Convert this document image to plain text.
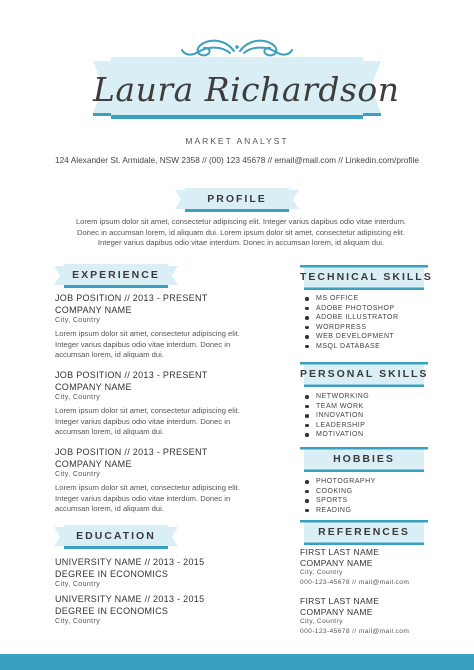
Laura Richardson
MARKET ANALYST
124 Alexander St. Armidale, NSW 2358 // (00) 123 45678 // email@mail.com // Linkedin.com/profile
PROFILE
Lorem ipsum dolor sit amet, consectetur adipiscing elit. Integer varius dapibus odio vitae interdum.
Donec in accumsan lorem, id aliquam dui. Lorem ipsum dolor sit amet, consectetur adipiscing elit.
Integer varius dapibus odio vitae interdum. Donec in accumsan lorem, id aliquam dui.
EXPERIENCE
JOB POSITION // 2013 - PRESENT
COMPANY NAME
City, Country
Lorem ipsum dolor sit amet, consectetur adipiscing elit.
Integer varius dapibus odio vitae interdum. Donec in
accumsan lorem, id aliquam dui.
JOB POSITION // 2013 - PRESENT
COMPANY NAME
City, Country
Lorem ipsum dolor sit amet, consectetur adipiscing elit.
Integer varius dapibus odio vitae interdum. Donec in
accumsan lorem, id aliquam dui.
JOB POSITION // 2013 - PRESENT
COMPANY NAME
City, Country
Lorem ipsum dolor sit amet, consectetur adipiscing elit.
Integer varius dapibus odio vitae interdum. Donec in
accumsan lorem, id aliquam dui.
EDUCATION
UNIVERSITY NAME // 2013 - 2015
DEGREE IN ECONOMICS
City, Country
UNIVERSITY NAME // 2013 - 2015
DEGREE IN ECONOMICS
City, Country
TECHNICAL SKILLS
MS OFFICE
ADOBE PHOTOSHOP
ADOBE ILLUSTRATOR
WORDPRESS
WEB DEVELOPMENT
MSQL DATABASE
PERSONAL SKILLS
NETWORKING
TEAM WORK
INNOVATION
LEADERSHIP
MOTIVATION
HOBBIES
PHOTOGRAPHY
COOKING
SPORTS
READING
REFERENCES
FIRST LAST NAME
COMPANY NAME
City, Country
000-123-45678 // mail@mail.com
FIRST LAST NAME
COMPANY NAME
City, Country
000-123-45678 // mail@mail.com
